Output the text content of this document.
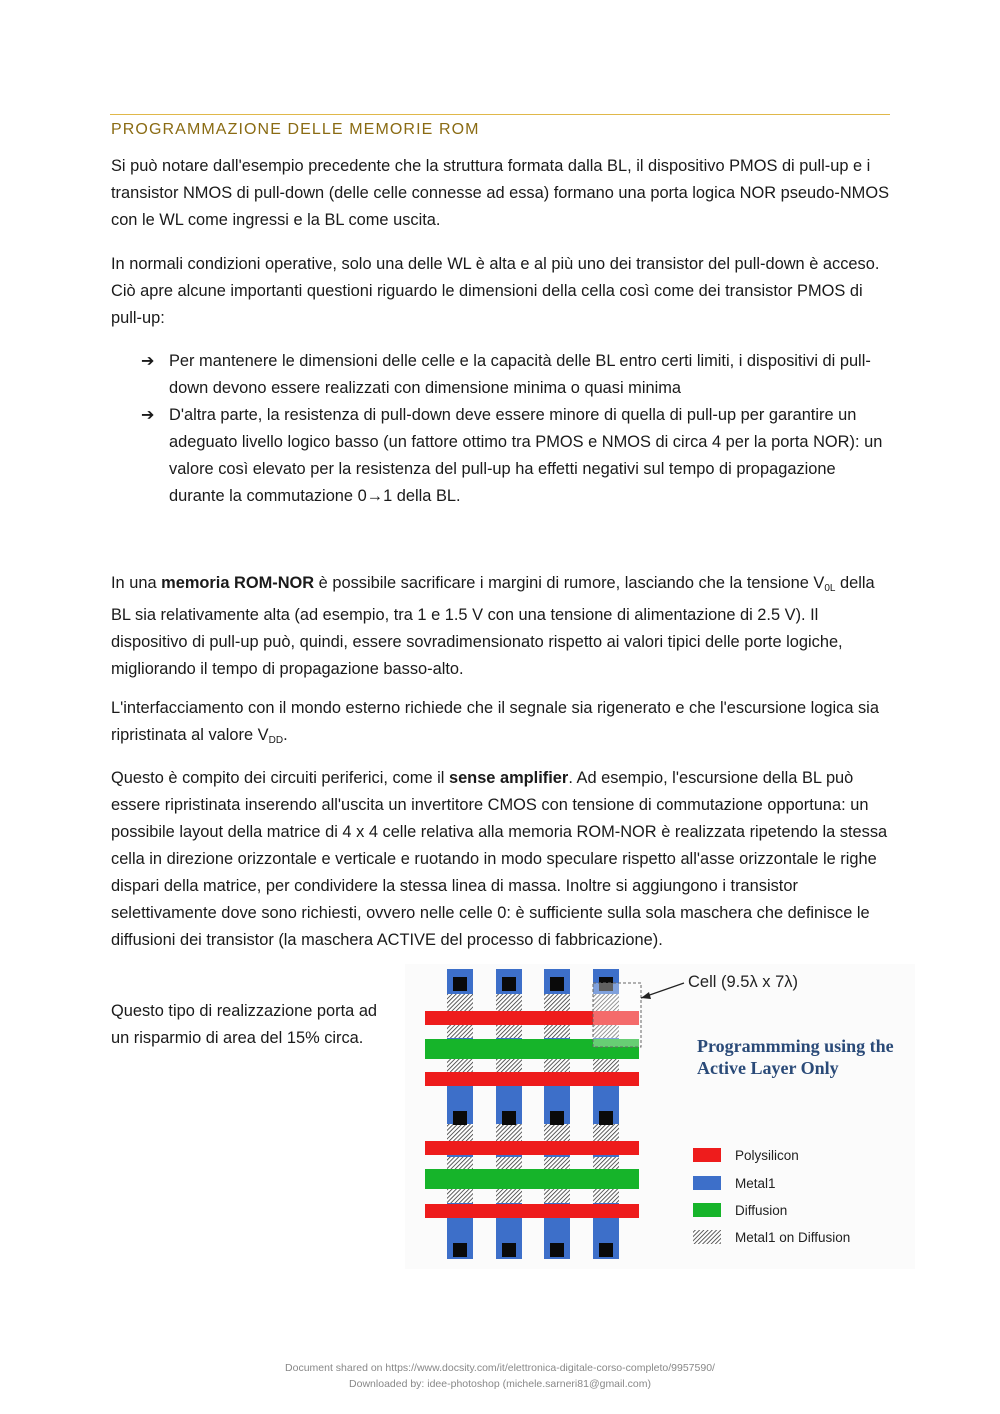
PROGRAMMAZIONE DELLE MEMORIE ROM

Si può notare dall'esempio precedente che la struttura formata dalla BL, il dispositivo PMOS di pull-up e i transistor NMOS di pull-down (delle celle connesse ad essa) formano una porta logica NOR pseudo-NMOS con le WL come ingressi e la BL come uscita.

In normali condizioni operative, solo una delle WL è alta e al più uno dei transistor del pull-down è acceso. Ciò apre alcune importanti questioni riguardo le dimensioni della cella così come dei transistor PMOS di pull-up:

➔ Per mantenere le dimensioni delle celle e la capacità delle BL entro certi limiti, i dispositivi di pull-down devono essere realizzati con dimensione minima o quasi minima
➔ D'altra parte, la resistenza di pull-down deve essere minore di quella di pull-up per garantire un adeguato livello logico basso (un fattore ottimo tra PMOS e NMOS di circa 4 per la porta NOR): un valore così elevato per la resistenza del pull-up ha effetti negativi sul tempo di propagazione durante la commutazione 0→1 della BL.

In una memoria ROM-NOR è possibile sacrificare i margini di rumore, lasciando che la tensione $V_{0L}$ della BL sia relativamente alta (ad esempio, tra 1 e 1.5 V con una tensione di alimentazione di 2.5 V). Il dispositivo di pull-up può, quindi, essere sovradimensionato rispetto ai valori tipici delle porte logiche, migliorando il tempo di propagazione basso-alto.

L'interfacciamento con il mondo esterno richiede che il segnale sia rigenerato e che l'escursione logica sia ripristinata al valore $V_{DD}$.

Questo è compito dei circuiti periferici, come il sense amplifier. Ad esempio, l'escursione della BL può essere ripristinata inserendo all'uscita un invertitore CMOS con tensione di commutazione opportuna: un possibile layout della matrice di 4 x 4 celle relativa alla memoria ROM-NOR è realizzata ripetendo la stessa cella in direzione orizzontale e verticale e ruotando in modo speculare rispetto all'asse orizzontale le righe dispari della matrice, per condividere la stessa linea di massa. Inoltre si aggiungono i transistor selettivamente dove sono richiesti, ovvero nelle celle 0: è sufficiente sulla sola maschera che definisce le diffusioni dei transistor (la maschera ACTIVE del processo di fabbricazione).

Questo tipo di realizzazione porta ad un risparmio di area del 15% circa.

Cell (9.5λ x 7λ)
Programmming using the
Active Layer Only
Polysilicon
Metal1
Diffusion
Metal1 on Diffusion

Document shared on https://www.docsity.com/it/elettronica-digitale-corso-completo/9957590/

Downloaded by: idee-photoshop (michele.sarneri81@gmail.com)
